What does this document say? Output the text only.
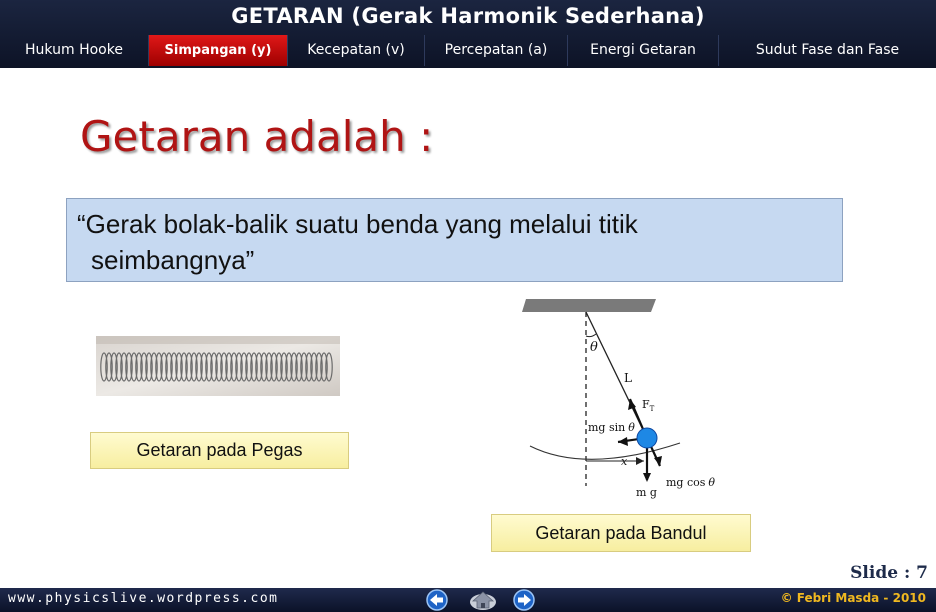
GETARAN (Gerak Harmonik Sederhana)
Hukum Hooke	Simpangan (y)	Kecepatan (v)	Percepatan (a)	Energi Getaran	Sudut Fase dan Fase
Getaran adalah :
“Gerak bolak-balik suatu benda yang melalui titik
seimbangnya”
Getaran pada Pegas
θ
L
$F_T$
mg sin θ
x
mg cos θ
m g
Getaran pada Bandul
Slide : 7
www.physicslive.wordpress.com	© Febri Masda - 2010
